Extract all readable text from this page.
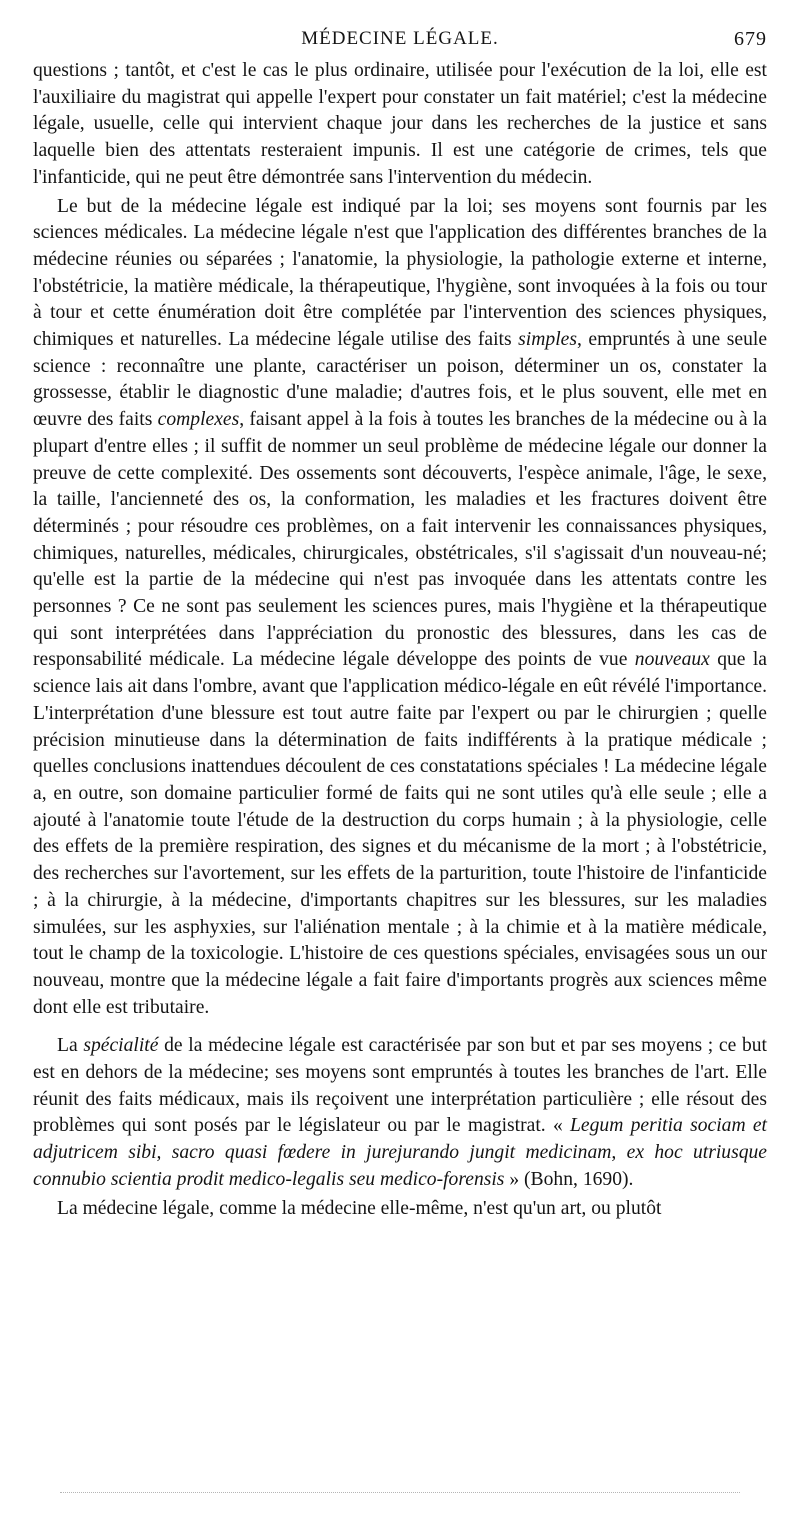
MÉDECINE LÉGALE.	679

questions ; tantôt, et c'est le cas le plus ordinaire, utilisée pour l'exécution de la loi, elle est l'auxiliaire du magistrat qui appelle l'expert pour constater un fait matériel; c'est la médecine légale, usuelle, celle qui intervient chaque jour dans les recherches de la justice et sans laquelle bien des attentats resteraient impunis. Il est une catégorie de crimes, tels que l'infanticide, qui ne peut être démontrée sans l'intervention du médecin.

Le but de la médecine légale est indiqué par la loi; ses moyens sont fournis par les sciences médicales. La médecine légale n'est que l'application des différentes branches de la médecine réunies ou séparées ; l'anatomie, la physiologie, la pathologie externe et interne, l'obstétricie, la matière médicale, la thérapeutique, l'hygiène, sont invoquées à la fois ou tour à tour et cette énumération doit être complétée par l'intervention des sciences physiques, chimiques et naturelles. La médecine légale utilise des faits simples, empruntés à une seule science : reconnaître une plante, caractériser un poison, déterminer un os, constater la grossesse, établir le diagnostic d'une maladie; d'autres fois, et le plus souvent, elle met en œuvre des faits complexes, faisant appel à la fois à toutes les branches de la médecine ou à la plupart d'entre elles ; il suffit de nommer un seul problème de médecine légale our donner la preuve de cette complexité. Des ossements sont découverts, l'espèce animale, l'âge, le sexe, la taille, l'ancienneté des os, la conformation, les maladies et les fractures doivent être déterminés ; pour résoudre ces problèmes, on a fait intervenir les connaissances physiques, chimiques, naturelles, médicales, chirurgicales, obstétricales, s'il s'agissait d'un nouveau-né; qu'elle est la partie de la médecine qui n'est pas invoquée dans les attentats contre les personnes ? Ce ne sont pas seulement les sciences pures, mais l'hygiène et la thérapeutique qui sont interprétées dans l'appréciation du pronostic des blessures, dans les cas de responsabilité médicale. La médecine légale développe des points de vue nouveaux que la science lais ait dans l'ombre, avant que l'application médico-légale en eût révélé l'importance. L'interprétation d'une blessure est tout autre faite par l'expert ou par le chirurgien ; quelle précision minutieuse dans la détermination de faits indifférents à la pratique médicale ; quelles conclusions inattendues découlent de ces constatations spéciales ! La médecine légale a, en outre, son domaine particulier formé de faits qui ne sont utiles qu'à elle seule ; elle a ajouté à l'anatomie toute l'étude de la destruction du corps humain ; à la physiologie, celle des effets de la première respiration, des signes et du mécanisme de la mort ; à l'obstétricie, des recherches sur l'avortement, sur les effets de la parturition, toute l'histoire de l'infanticide ; à la chirurgie, à la médecine, d'importants chapitres sur les blessures, sur les maladies simulées, sur les asphyxies, sur l'aliénation mentale ; à la chimie et à la matière médicale, tout le champ de la toxicologie. L'histoire de ces questions spéciales, envisagées sous un our nouveau, montre que la médecine légale a fait faire d'importants progrès aux sciences même dont elle est tributaire.

La spécialité de la médecine légale est caractérisée par son but et par ses moyens ; ce but est en dehors de la médecine; ses moyens sont empruntés à toutes les branches de l'art. Elle réunit des faits médicaux, mais ils reçoivent une interprétation particulière ; elle résout des problèmes qui sont posés par le législateur ou par le magistrat. « Legum peritia sociam et adjutricem sibi, sacro quasi fœdere in jurejurando jungit medicinam, ex hoc utriusque connubio scientia prodit medico-legalis seu medico-forensis » (Bohn, 1690).

La médecine légale, comme la médecine elle-même, n'est qu'un art, ou plutôt
